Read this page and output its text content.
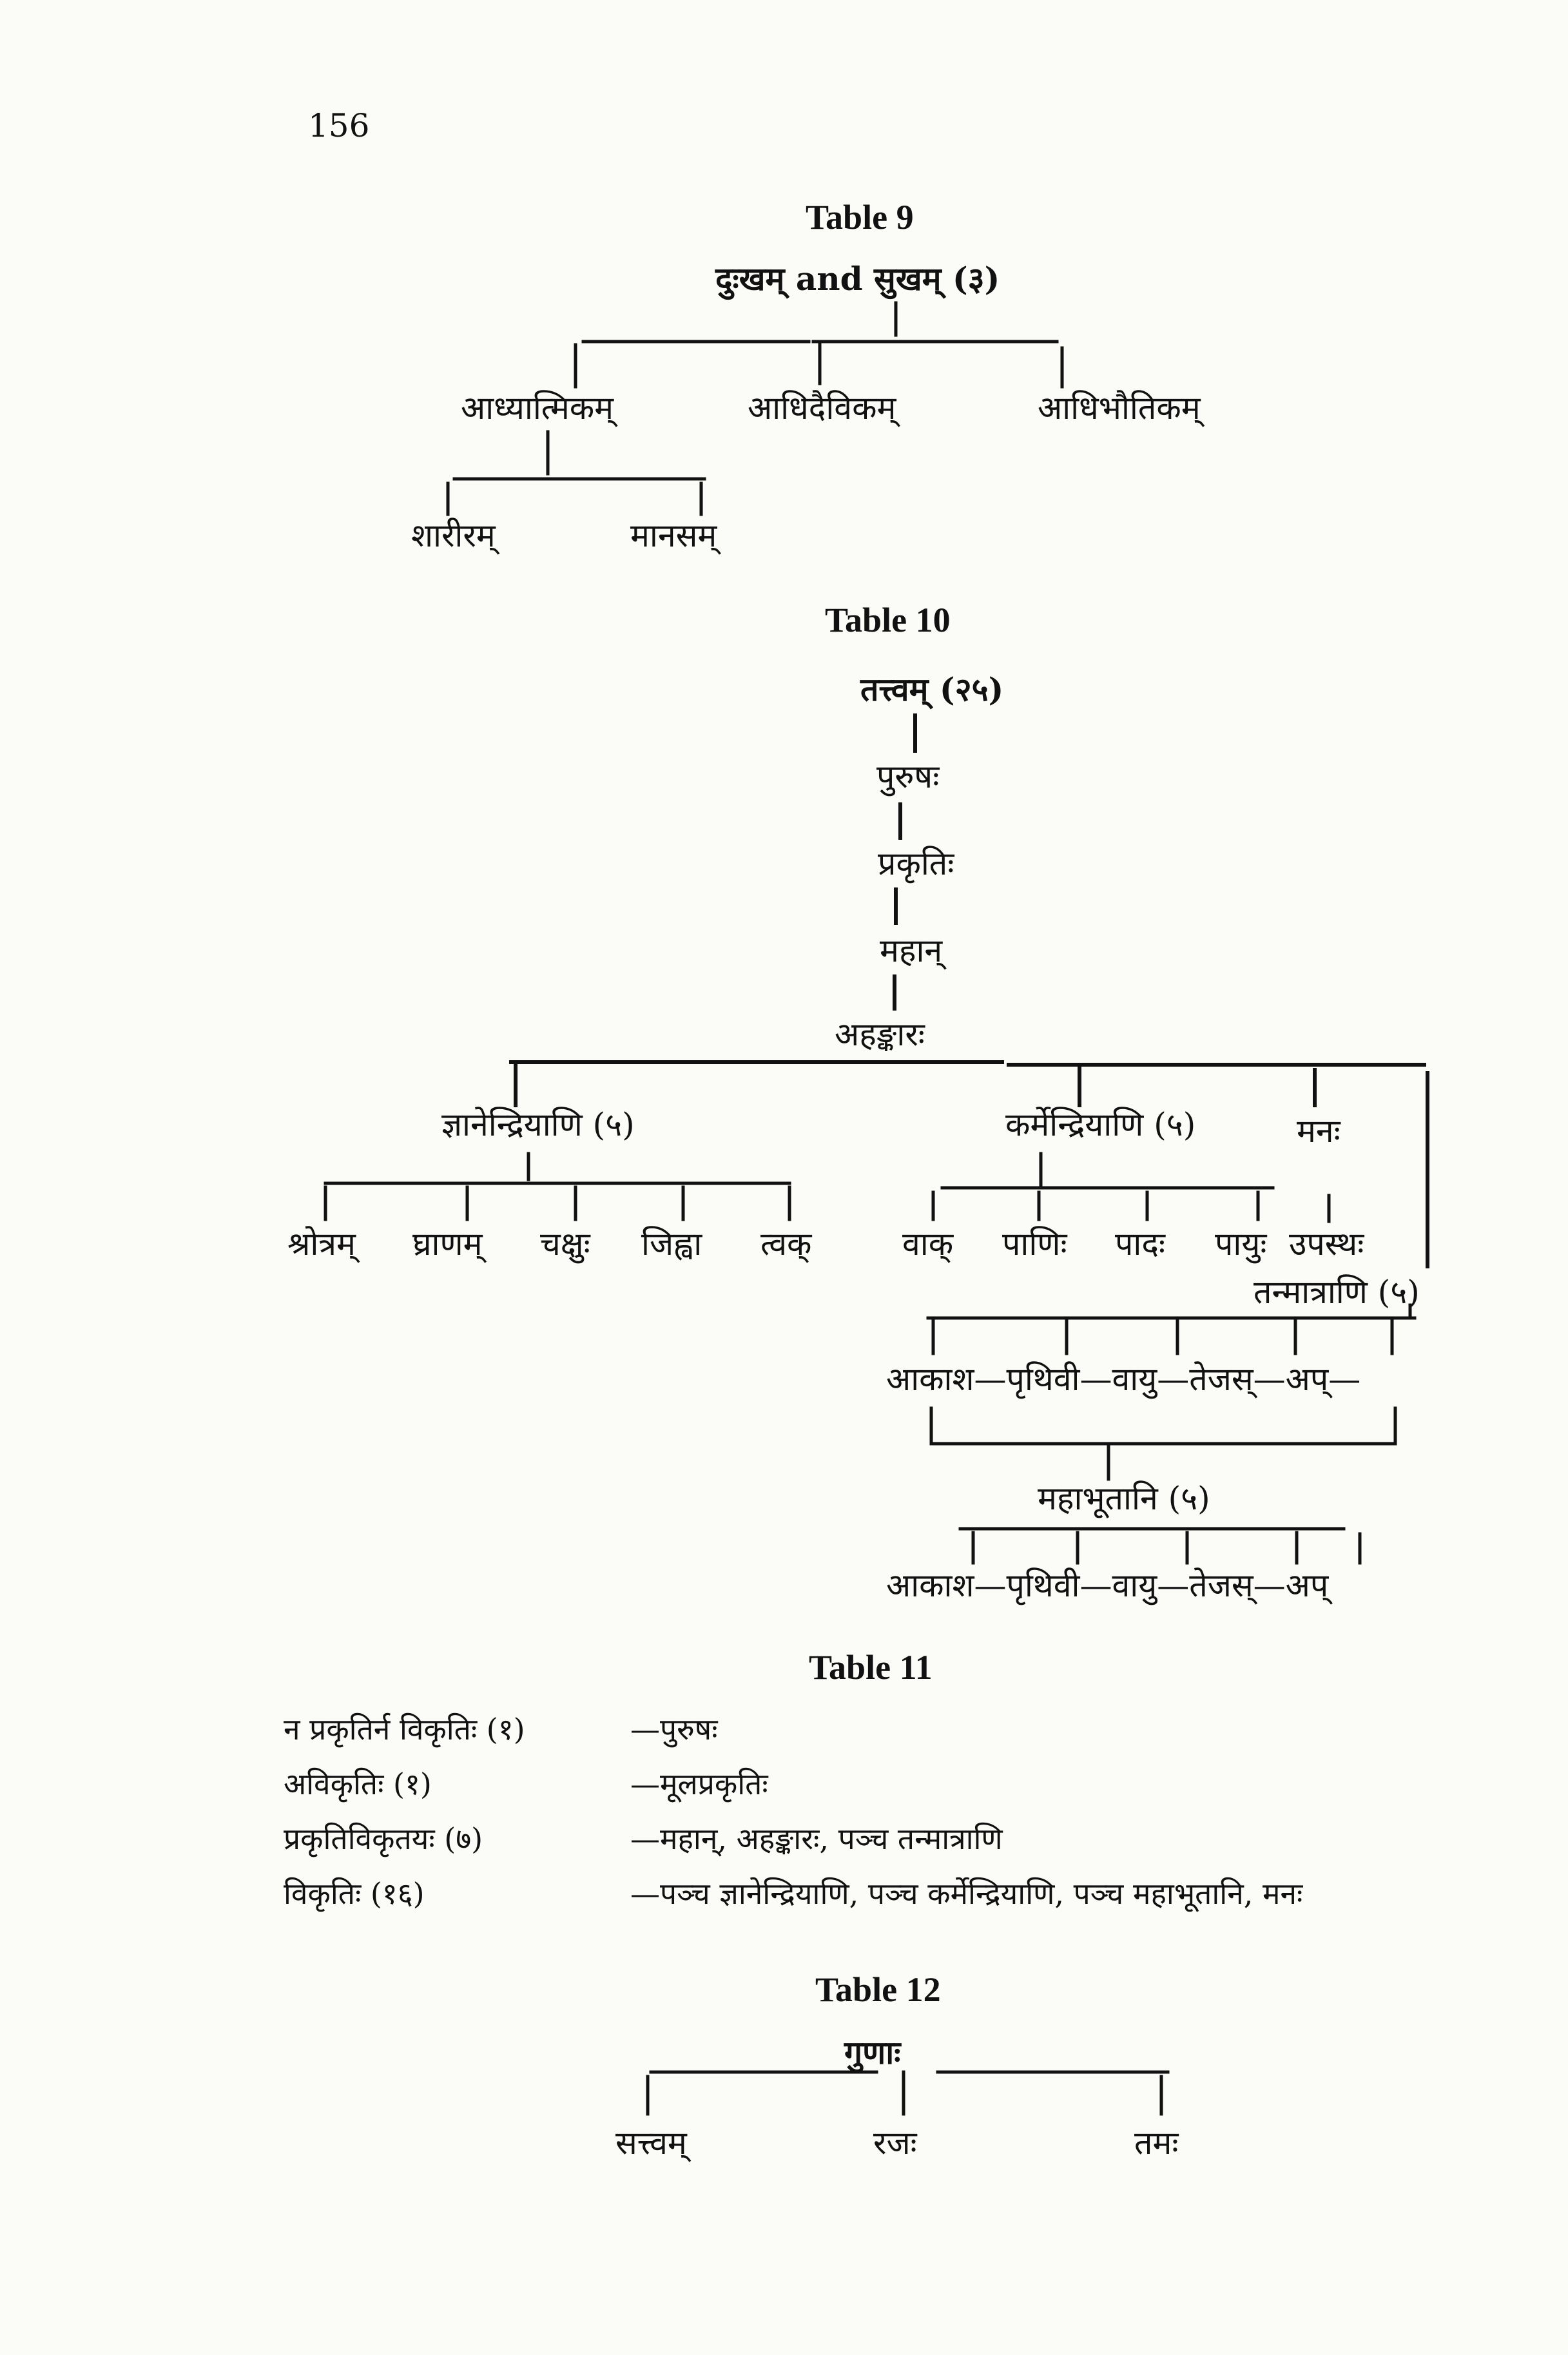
156
Table 9
दुःखम् and सुखम् (३)
आध्यात्मिकम्	आधिदैविकम्	आधिभौतिकम्
शारीरम्	मानसम्
Table 10
तत्त्वम् (२५)
पुरुषः
प्रकृतिः
महान्
अहङ्कारः
ज्ञानेन्द्रियाणि (५)	कर्मेन्द्रियाणि (५)	मनः
श्रोत्रम् घ्राणम् चक्षुः जिह्वा त्वक्	वाक् पाणिः पादः पायुः उपस्थः
तन्मात्राणि (५)
आकाश—पृथिवी—वायु—तेजस्—अप्—
महाभूतानि (५)
आकाश—पृथिवी—वायु—तेजस्—अप्
Table 11
न प्रकृतिर्न विकृतिः (१)	—पुरुषः
अविकृतिः (१)	—मूलप्रकृतिः
प्रकृतिविकृतयः (७)	—महान्, अहङ्कारः, पञ्च तन्मात्राणि
विकृतिः (१६)	—पञ्च ज्ञानेन्द्रियाणि, पञ्च कर्मेन्द्रियाणि, पञ्च महाभूतानि, मनः
Table 12
गुणाः
सत्त्वम्	रजः	तमः
